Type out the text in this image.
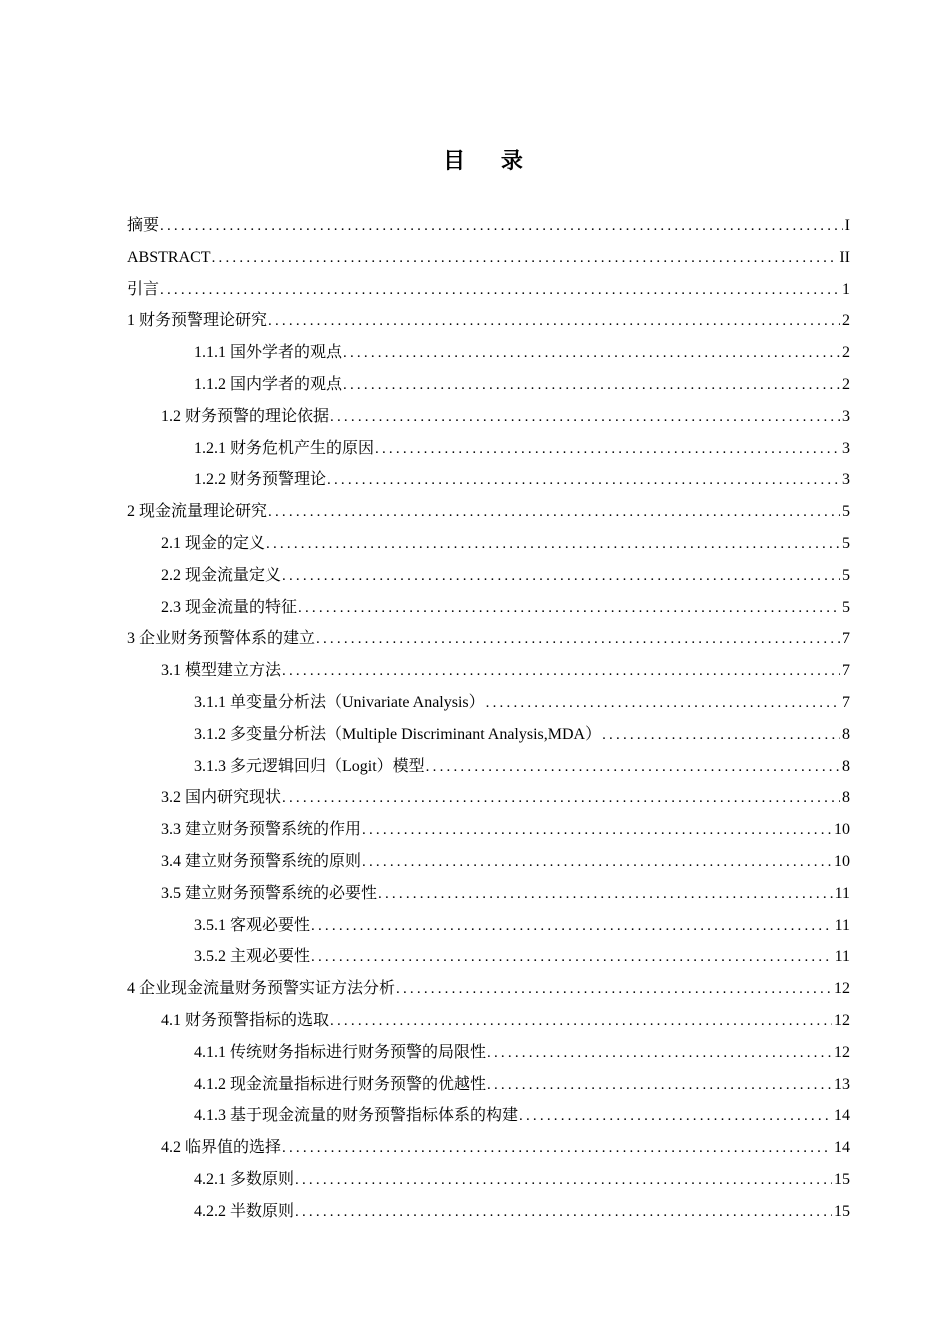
目 录
摘要 .....	I
ABSTRACT .....	II
引言 .....	1
1 财务预警理论研究 .....	2
1.1.1 国外学者的观点 .....	2
1.1.2 国内学者的观点 .....	2
1.2 财务预警的理论依据 .....	3
1.2.1 财务危机产生的原因 .....	3
1.2.2 财务预警理论 .....	3
2 现金流量理论研究 .....	5
2.1 现金的定义 .....	5
2.2 现金流量定义 .....	5
2.3 现金流量的特征 .....	5
3 企业财务预警体系的建立 .....	7
3.1 模型建立方法 .....	7
3.1.1 单变量分析法（Univariate Analysis） .....	7
3.1.2 多变量分析法（Multiple Discriminant Analysis,MDA） .....	8
3.1.3 多元逻辑回归（Logit）模型 .....	8
3.2 国内研究现状 .....	8
3.3 建立财务预警系统的作用 .....	10
3.4 建立财务预警系统的原则 .....	10
3.5 建立财务预警系统的必要性 .....	11
3.5.1 客观必要性 .....	11
3.5.2 主观必要性 .....	11
4 企业现金流量财务预警实证方法分析 .....	12
4.1 财务预警指标的选取 .....	12
4.1.1 传统财务指标进行财务预警的局限性 .....	12
4.1.2 现金流量指标进行财务预警的优越性 .....	13
4.1.3 基于现金流量的财务预警指标体系的构建 .....	14
4.2 临界值的选择 .....	14
4.2.1 多数原则 .....	15
4.2.2 半数原则 .....	15
